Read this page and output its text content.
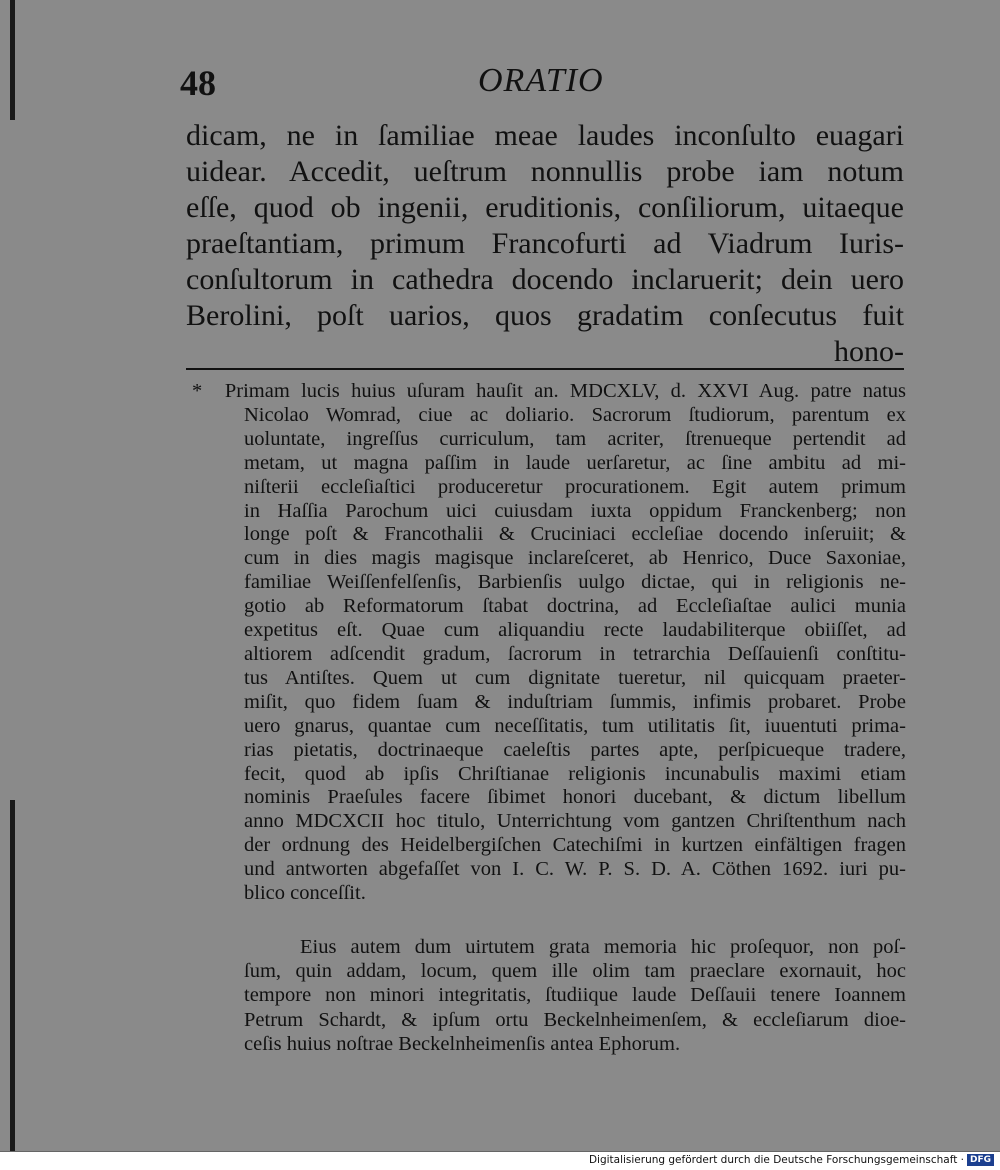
48	ORATIO

dicam, ne in ſamiliae meae laudes inconſulto euagari
uidear. Accedit, ueſtrum nonnullis probe iam notum
eſſe, quod ob ingenii, eruditionis, conſiliorum, uitaeque
praeſtantiam, primum Francofurti ad Viadrum Iuris-
conſultorum in cathedra docendo inclaruerit; dein uero
Berolini, poſt uarios, quos gradatim conſecutus fuit
hono-

* Primam lucis huius uſuram hauſit an. MDCXLV, d. XXVI Aug. patre natus
Nicolao Womrad, ciue ac doliario. Sacrorum ſtudiorum, parentum ex
uoluntate, ingreſſus curriculum, tam acriter, ſtrenueque pertendit ad
metam, ut magna paſſim in laude uerſaretur, ac ſine ambitu ad mi-
niſterii eccleſiaſtici produceretur procurationem. Egit autem primum
in Haſſia Parochum uici cuiusdam iuxta oppidum Franckenberg; non
longe poſt & Francothalii & Cruciniaci eccleſiae docendo inſeruiit; &
cum in dies magis magisque inclareſceret, ab Henrico, Duce Saxoniae,
familiae Weiſſenfelſenſis, Barbienſis uulgo dictae, qui in religionis ne-
gotio ab Reformatorum ſtabat doctrina, ad Eccleſiaſtae aulici munia
expetitus eſt. Quae cum aliquandiu recte laudabiliterque obiiſſet, ad
altiorem adſcendit gradum, ſacrorum in tetrarchia Deſſauienſi conſtitu-
tus Antiſtes. Quem ut cum dignitate tueretur, nil quicquam praeter-
miſit, quo fidem ſuam & induſtriam ſummis, infimis probaret. Probe
uero gnarus, quantae cum neceſſitatis, tum utilitatis ſit, iuuentuti prima-
rias pietatis, doctrinaeque caeleſtis partes apte, perſpicueque tradere,
fecit, quod ab ipſis Chriſtianae religionis incunabulis maximi etiam
nominis Praeſules facere ſibimet honori ducebant, & dictum libellum
anno MDCXCII hoc titulo, Unterrichtung vom gantzen Chriſtenthum nach
der ordnung des Heidelbergiſchen Catechiſmi in kurtzen einfältigen fragen
und antworten abgefaſſet von I. C. W. P. S. D. A. Cöthen 1692. iuri pu-
blico conceſſit.

Eius autem dum uirtutem grata memoria hic proſequor, non poſ-
ſum, quin addam, locum, quem ille olim tam praeclare exornauit, hoc
tempore non minori integritatis, ſtudiique laude Deſſauii tenere Ioannem
Petrum Schardt, & ipſum ortu Beckelnheimenſem, & eccleſiarum dioe-
ceſis huius noſtrae Beckelnheimenſis antea Ephorum.

Digitalisierung gefördert durch die Deutsche Forschungsgemeinschaft · DFG
